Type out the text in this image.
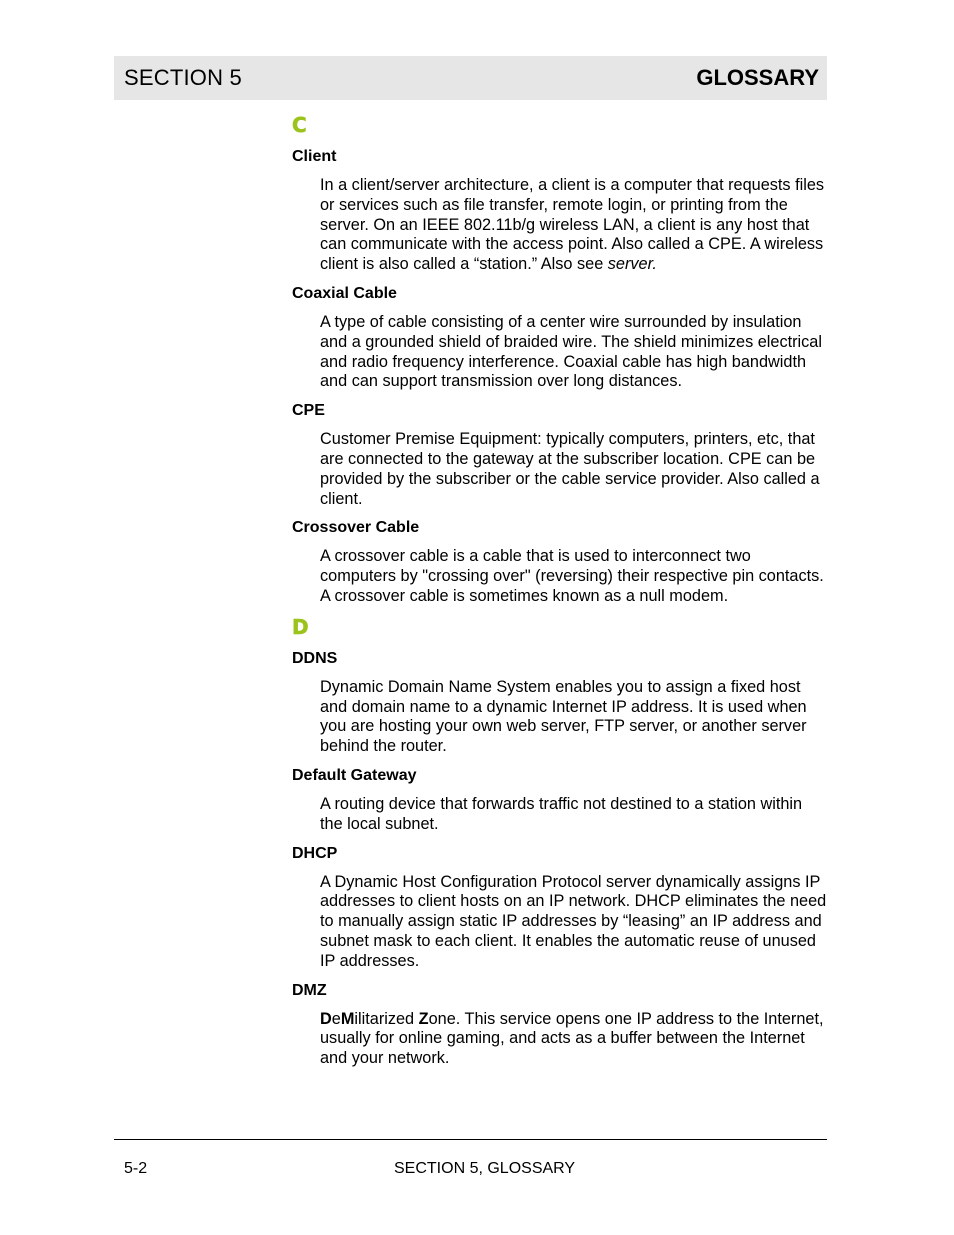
SECTION 5	GLOSSARY
C
Client
In a client/server architecture, a client is a computer that requests files or services such as file transfer, remote login, or printing from the server. On an IEEE 802.11b/g wireless LAN, a client is any host that can communicate with the access point. Also called a CPE. A wireless client is also called a “station.” Also see server.
Coaxial Cable
A type of cable consisting of a center wire surrounded by insulation and a grounded shield of braided wire. The shield minimizes electrical and radio frequency interference. Coaxial cable has high bandwidth and can support transmission over long distances.
CPE
Customer Premise Equipment: typically computers, printers, etc, that are connected to the gateway at the subscriber location. CPE can be provided by the subscriber or the cable service provider. Also called a client.
Crossover Cable
A crossover cable is a cable that is used to interconnect two computers by "crossing over" (reversing) their respective pin contacts. A crossover cable is sometimes known as a null modem.
D
DDNS
Dynamic Domain Name System enables you to assign a fixed host and domain name to a dynamic Internet IP address. It is used when you are hosting your own web server, FTP server, or another server behind the router.
Default Gateway
A routing device that forwards traffic not destined to a station within the local subnet.
DHCP
A Dynamic Host Configuration Protocol server dynamically assigns IP addresses to client hosts on an IP network. DHCP eliminates the need to manually assign static IP addresses by “leasing” an IP address and subnet mask to each client. It enables the automatic reuse of unused IP addresses.
DMZ
DeMilitarized Zone. This service opens one IP address to the Internet, usually for online gaming, and acts as a buffer between the Internet and your network.
5-2	SECTION 5, GLOSSARY
